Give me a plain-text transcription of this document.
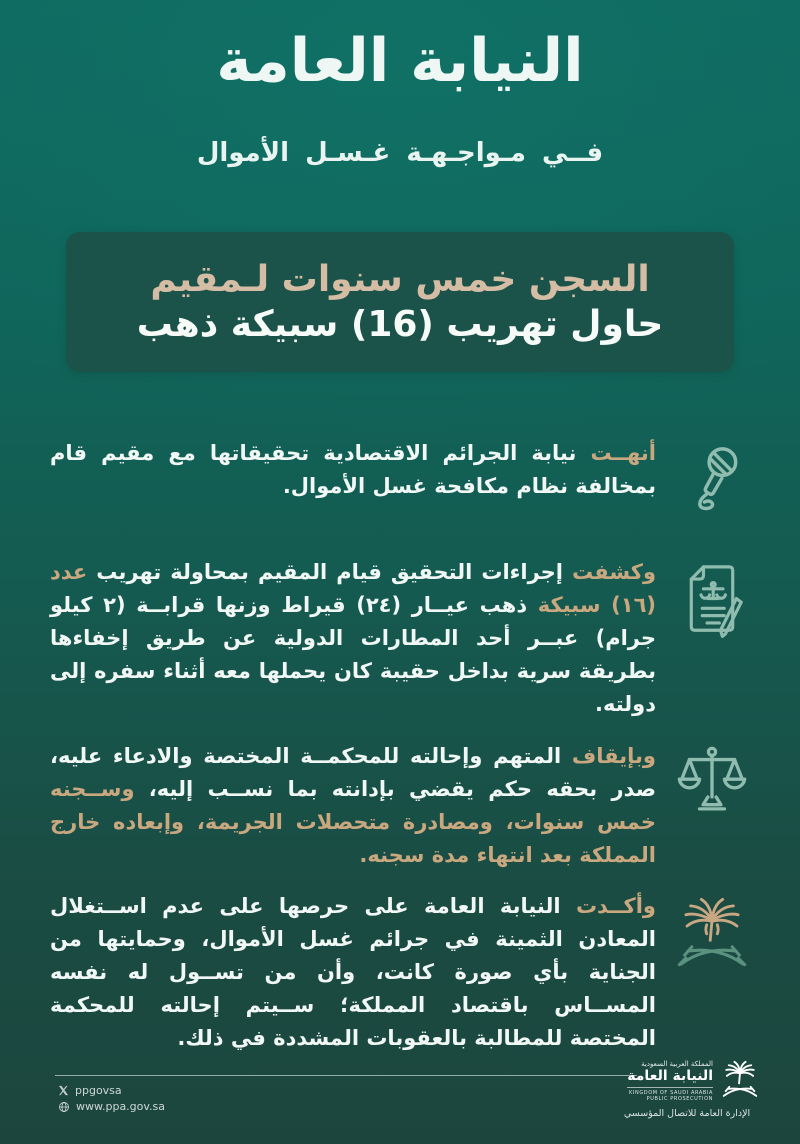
النيابة العامة
فــي مـواجـهـة غـسـل الأموال
السجن خمس سنوات لـمقيم
حاول تهريب (16) سبيكة ذهب
أنهــت نيابة الجرائم الاقتصادية تحقيقاتها مع مقيم قام بمخالفة نظام مكافحة غسل الأموال.
وكشفت إجراءات التحقيق قيام المقيم بمحاولة تهريب عدد (١٦) سبيكة ذهب عيــار (٢٤) قيراط وزنها قرابــة (٢ كيلو جرام) عبــر أحد المطارات الدولية عن طريق إخفاءها بطريقة سرية بداخل حقيبة كان يحملها معه أثناء سفره إلى دولته.
وبإيقاف المتهم وإحالته للمحكمــة المختصة والادعاء عليه، صدر بحقه حكم يقضي بإدانته بما نســب إليه، وســجنه خمس سنوات، ومصادرة متحصلات الجريمة، وإبعاده خارج المملكة بعد انتهاء مدة سجنه.
وأكــدت النيابة العامة على حرصها على عدم اســتغلال المعادن الثمينة في جرائم غسل الأموال، وحمايتها من الجناية بأي صورة كانت، وأن من تســول له نفسه المســاس باقتصاد المملكة؛ ســيتم إحالته للمحكمة المختصة للمطالبة بالعقوبات المشددة في ذلك.
ppgovsa
www.ppa.gov.sa
المملكة العربية السعودية
النيابة العامة
KINGDOM OF SAUDI ARABIA
PUBLIC PROSECUTION
الإدارة العامة للاتصال المؤسسي
